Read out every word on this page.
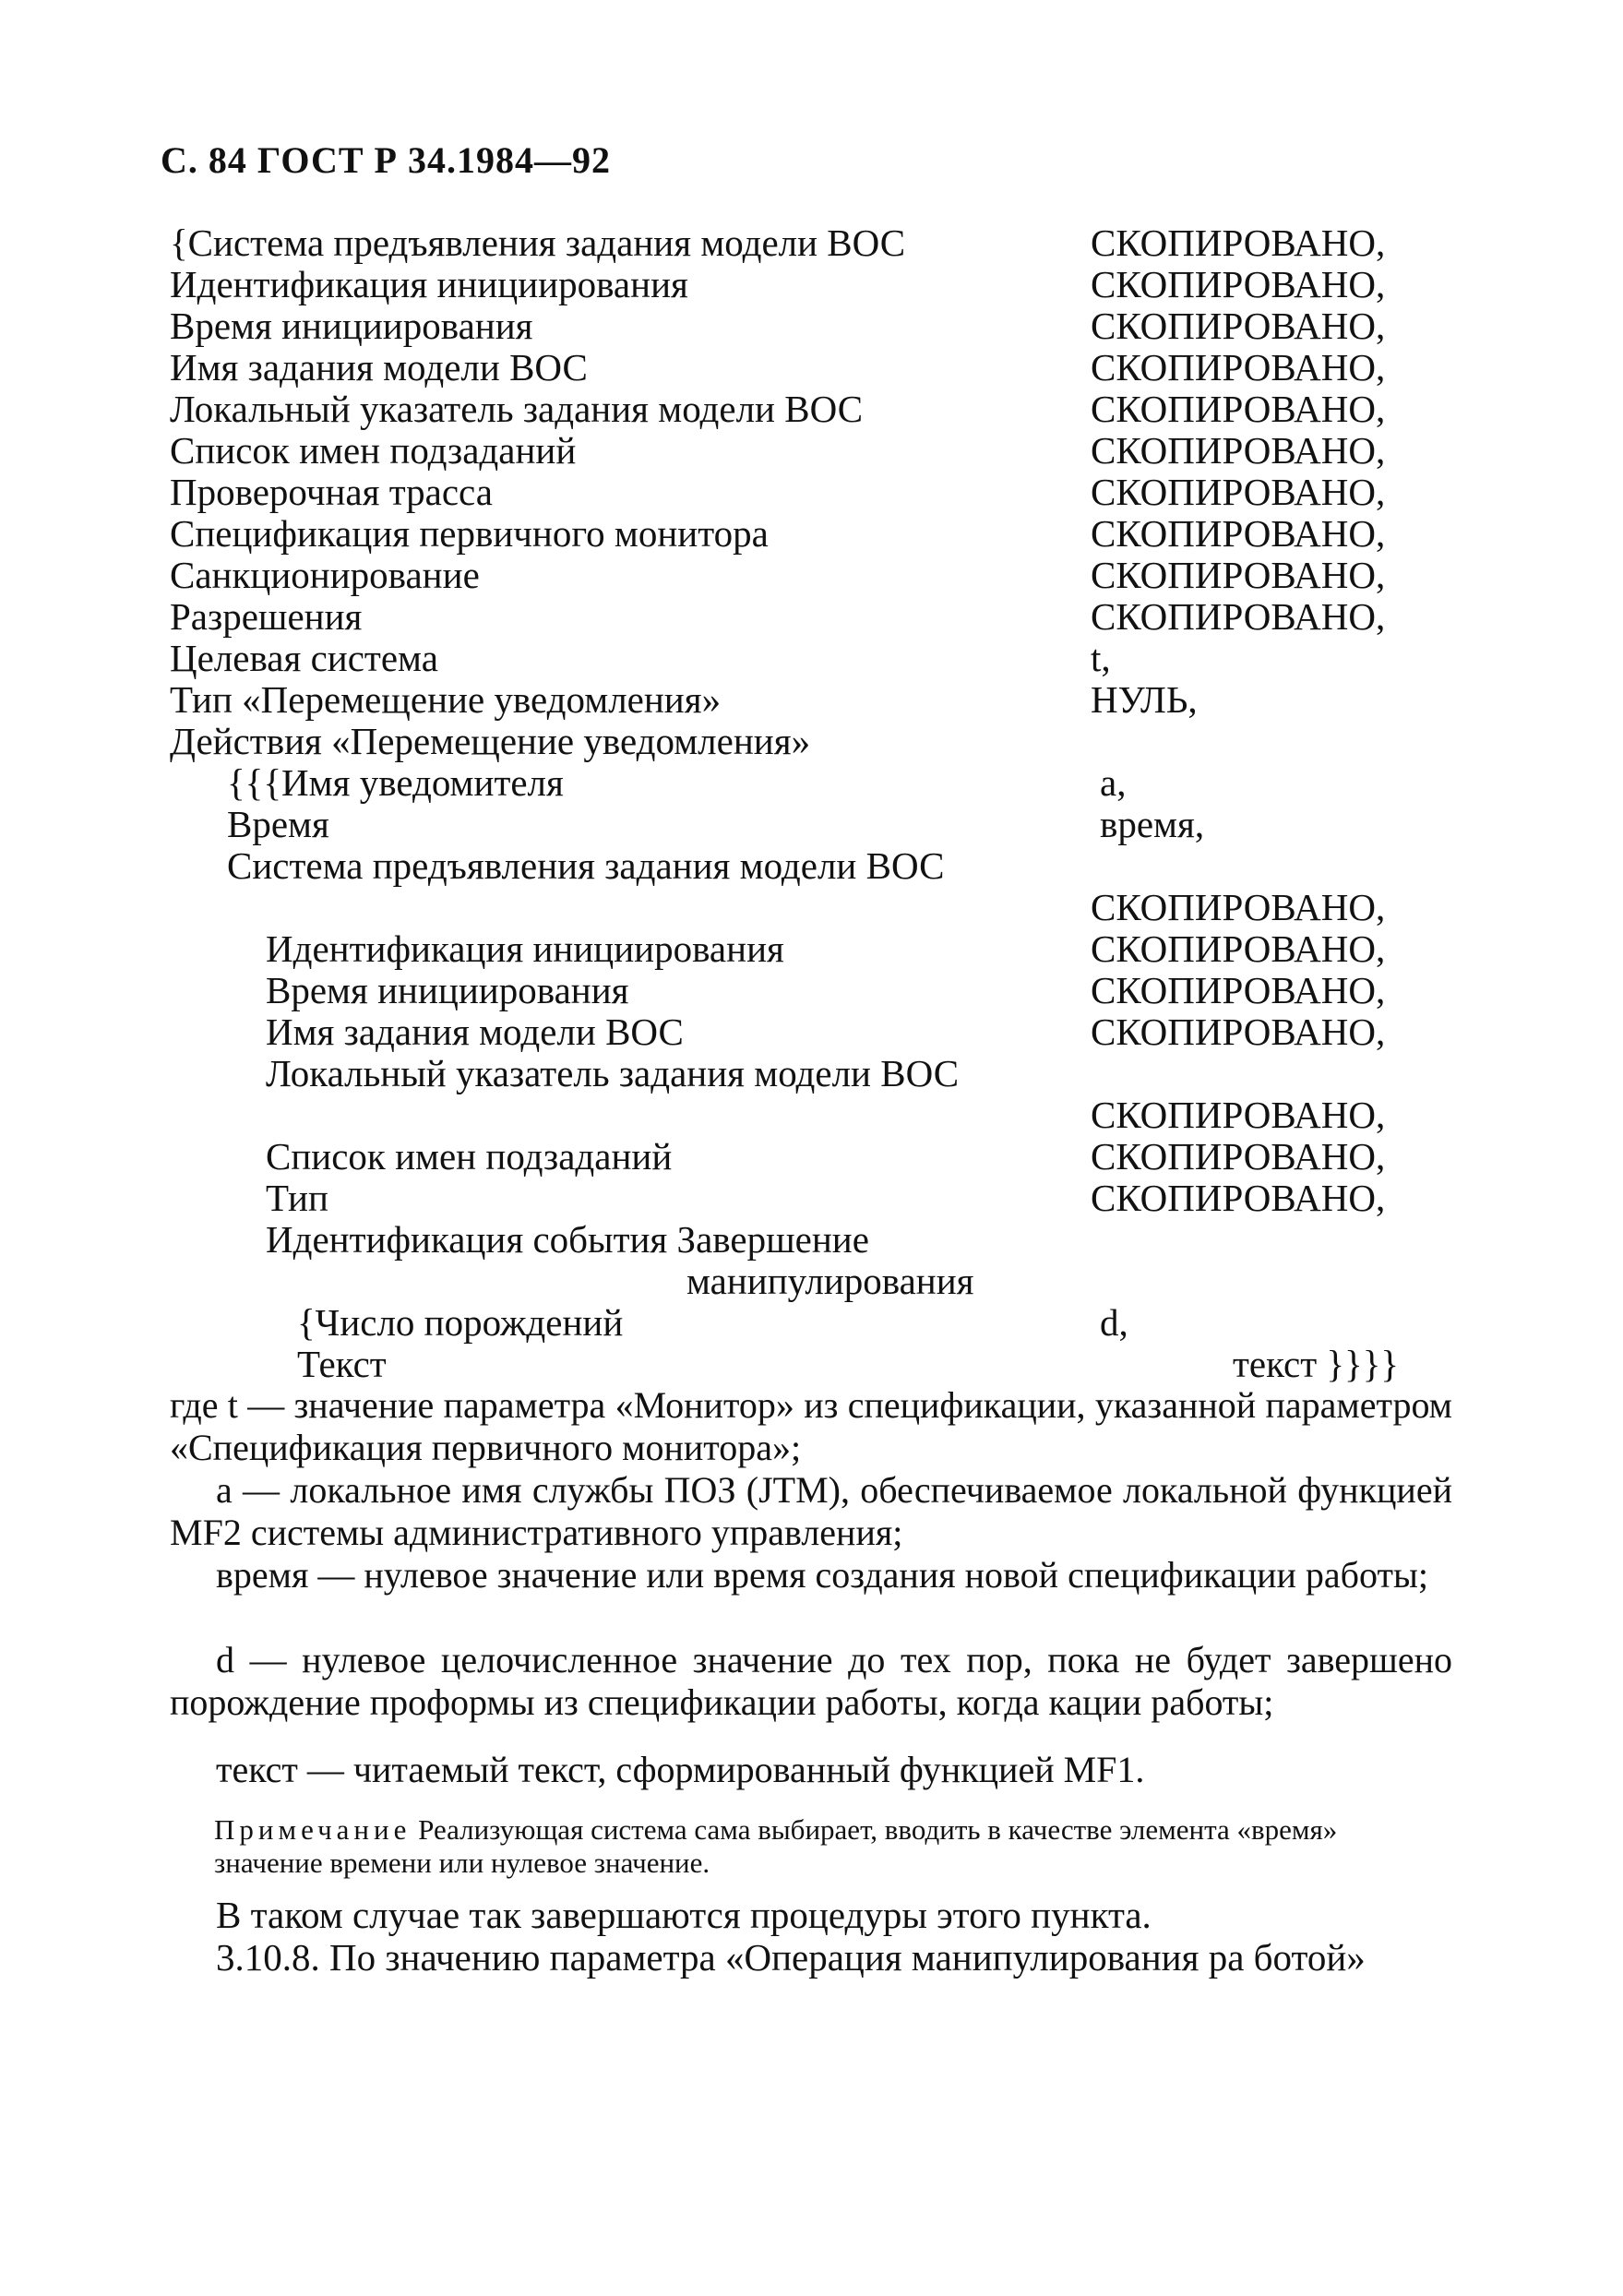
С. 84 ГОСТ Р 34.1984—92
{Система предъявления задания модели ВОС	СКОПИРОВАНО,
Идентификация инициирования	СКОПИРОВАНО,
Время инициирования	СКОПИРОВАНО,
Имя задания модели ВОС	СКОПИРОВАНО,
Локальный указатель задания модели ВОС	СКОПИРОВАНО,
Список имен подзаданий	СКОПИРОВАНО,
Проверочная трасса	СКОПИРОВАНО,
Спецификация первичного монитора	СКОПИРОВАНО,
Санкционирование	СКОПИРОВАНО,
Разрешения	СКОПИРОВАНО,
Целевая система	t,
Тип «Перемещение уведомления»	НУЛЬ,
Действия «Перемещение уведомления»
{{{Имя уведомителя	а,
Время	время,
Система предъявления задания модели ВОС
СКОПИРОВАНО,
Идентификация инициирования	СКОПИРОВАНО,
Время инициирования	СКОПИРОВАНО,
Имя задания модели ВОС	СКОПИРОВАНО,
Локальный указатель задания модели ВОС
СКОПИРОВАНО,
Список имен подзаданий	СКОПИРОВАНО,
Тип	СКОПИРОВАНО,
Идентификация события Завершение
манипулирования
{Число порождений	d,
Текст	текст }}}}
где t — значение параметра «Монитор» из спецификации, указанной параметром «Спецификация первичного монитора»;
а — локальное имя службы ПОЗ (JTM), обеспечиваемое локальной функцией MF2 системы административного управления;
время — нулевое значение или время создания новой спецификации работы;
d — нулевое целочисленное значение до тех пор, пока не будет завершено порождение проформы из спецификации работы, когда кации работы;
текст — читаемый текст, сформированный функцией MF1.
Примечание Реализующая система сама выбирает, вводить в качестве элемента «время» значение времени или нулевое значение.
В таком случае так завершаются процедуры этого пункта.
3.10.8. По значению параметра «Операция манипулирования ра ботой»
